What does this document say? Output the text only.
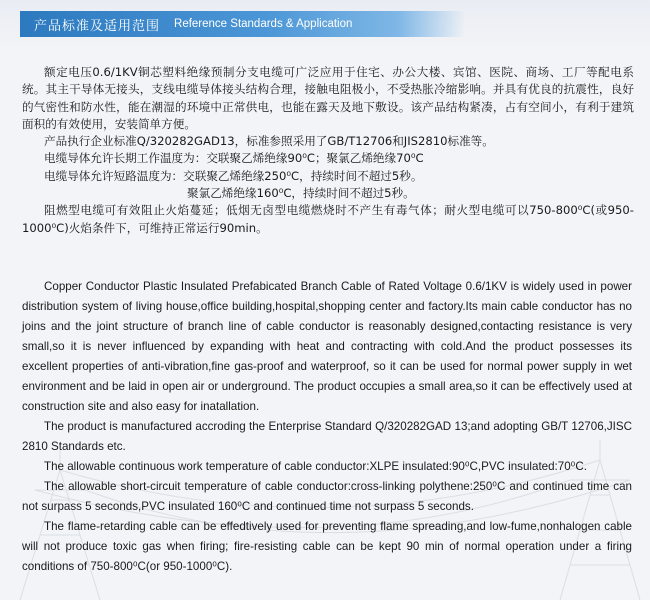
产品标准及适用范围 Reference Standards & Application

额定电压0.6/1KV铜芯塑料绝缘预制分支电缆可广泛应用于住宅、办公大楼、宾馆、医院、商场、工厂等配电系统。其主干导体无接头，支线电缆导体接头结构合理，接触电阻极小，不受热胀冷缩影响。并具有优良的抗震性，良好的气密性和防水性，能在潮湿的环境中正常供电，也能在露天及地下敷设。该产品结构紧凑，占有空间小，有利于建筑面积的有效使用，安装简单方便。

产品执行企业标准Q/320282GAD13，标准参照采用了GB/T12706和JIS2810标准等。

电缆导体允许长期工作温度为：交联聚乙烯绝缘90⁰C；聚氯乙烯绝缘70⁰C

电缆导体允许短路温度为：交联聚乙烯绝缘250⁰C，持续时间不超过5秒。

聚氯乙烯绝缘160⁰C，持续时间不超过5秒。

阻燃型电缆可有效阻止火焰蔓延；低烟无卤型电缆燃烧时不产生有毒气体；耐火型电缆可以750-800⁰C(或950-1000⁰C)火焰条件下，可维持正常运行90min。

Copper Conductor Plastic Insulated Prefabicated Branch Cable of Rated Voltage 0.6/1KV is widely used in power distribution system of living house,office building,hospital,shopping center and factory.Its main cable conductor has no joins and the joint structure of branch line of cable conductor is reasonably designed,contacting resistance is very small,so it is never influenced by expanding with heat and contracting with cold.And the product possesses its excellent properties of anti-vibration,fine gas-proof and waterproof, so it can be used for normal power supply in wet environment and be laid in open air or underground. The product occupies a small area,so it can be effectively used at construction site and also easy for inatallation.

The product is manufactured accroding the Enterprise Standard Q/320282GAD 13;and adopting GB/T 12706,JISC 2810 Standards etc.

The allowable continuous work temperature of cable conductor:XLPE insulated:90⁰C,PVC insulated:70⁰C.

The allowable short-circuit temperature of cable conductor:cross-linking polythene:250⁰C and continued time can not surpass 5 seconds,PVC insulated 160⁰C and continued time not surpass 5 seconds.

The flame-retarding cable can be effedtively used for preventing flame spreading,and low-fume,nonhalogen cable will not produce toxic gas when firing; fire-resisting cable can be kept 90 min of normal operation under a firing conditions of 750-800⁰C(or 950-1000⁰C).
